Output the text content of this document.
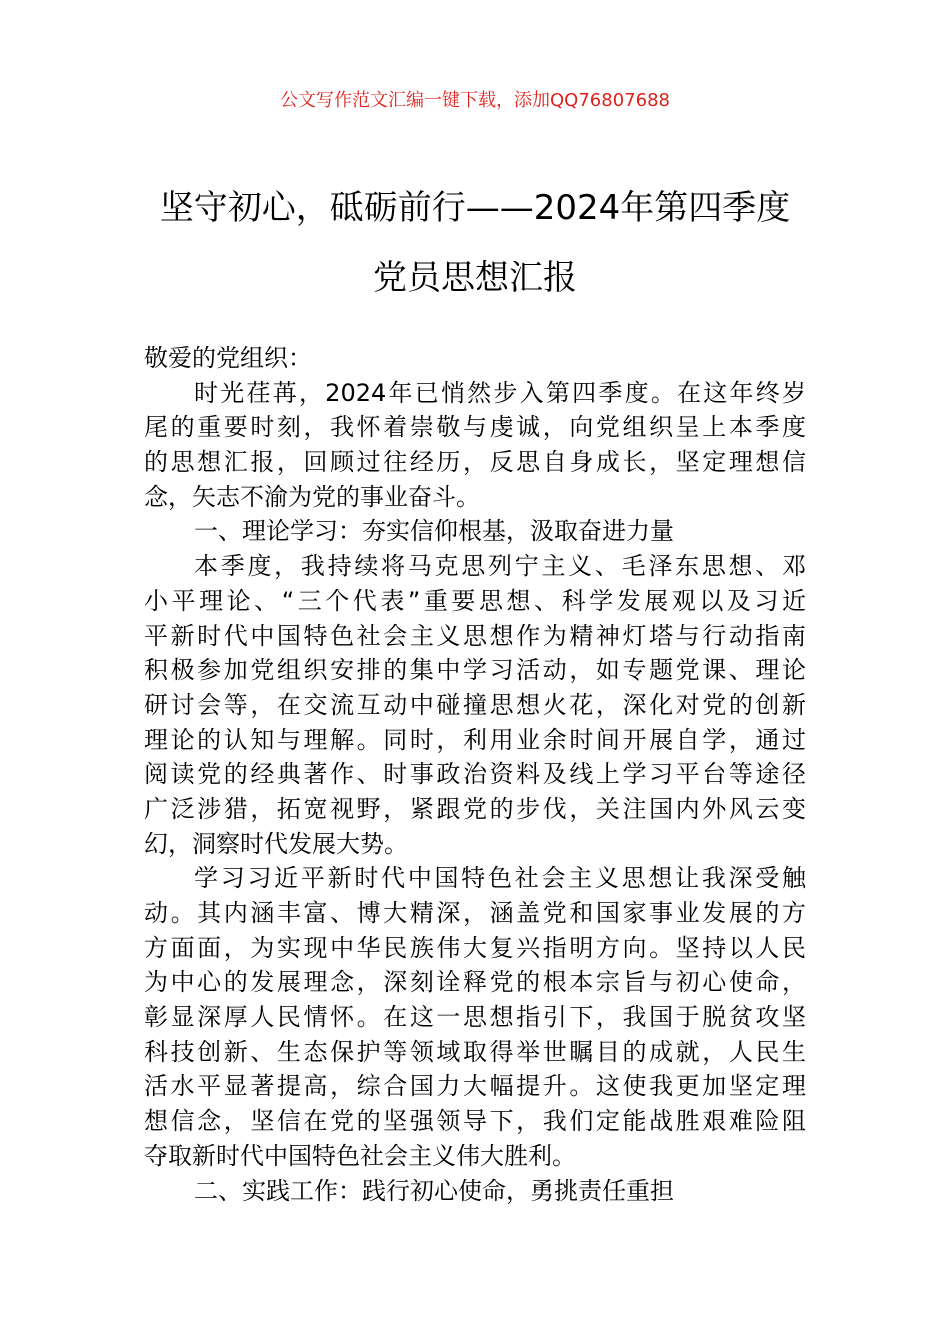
公文写作范文汇编一键下载，添加QQ76807688
坚守初心，砥砺前行——2024年第四季度
党员思想汇报
敬爱的党组织：
时光荏苒，2024年已悄然步入第四季度。在这年终岁
尾的重要时刻，我怀着崇敬与虔诚，向党组织呈上本季度
的思想汇报，回顾过往经历，反思自身成长，坚定理想信
念，矢志不渝为党的事业奋斗。
一、理论学习：夯实信仰根基，汲取奋进力量
本季度，我持续将马克思列宁主义、毛泽东思想、邓
小平理论、“三个代表”重要思想、科学发展观以及习近
平新时代中国特色社会主义思想作为精神灯塔与行动指南
积极参加党组织安排的集中学习活动，如专题党课、理论
研讨会等，在交流互动中碰撞思想火花，深化对党的创新
理论的认知与理解。同时，利用业余时间开展自学，通过
阅读党的经典著作、时事政治资料及线上学习平台等途径
广泛涉猎，拓宽视野，紧跟党的步伐，关注国内外风云变
幻，洞察时代发展大势。
学习习近平新时代中国特色社会主义思想让我深受触
动。其内涵丰富、博大精深，涵盖党和国家事业发展的方
方面面，为实现中华民族伟大复兴指明方向。坚持以人民
为中心的发展理念，深刻诠释党的根本宗旨与初心使命，
彰显深厚人民情怀。在这一思想指引下，我国于脱贫攻坚
科技创新、生态保护等领域取得举世瞩目的成就，人民生
活水平显著提高，综合国力大幅提升。这使我更加坚定理
想信念，坚信在党的坚强领导下，我们定能战胜艰难险阻
夺取新时代中国特色社会主义伟大胜利。
二、实践工作：践行初心使命，勇挑责任重担
